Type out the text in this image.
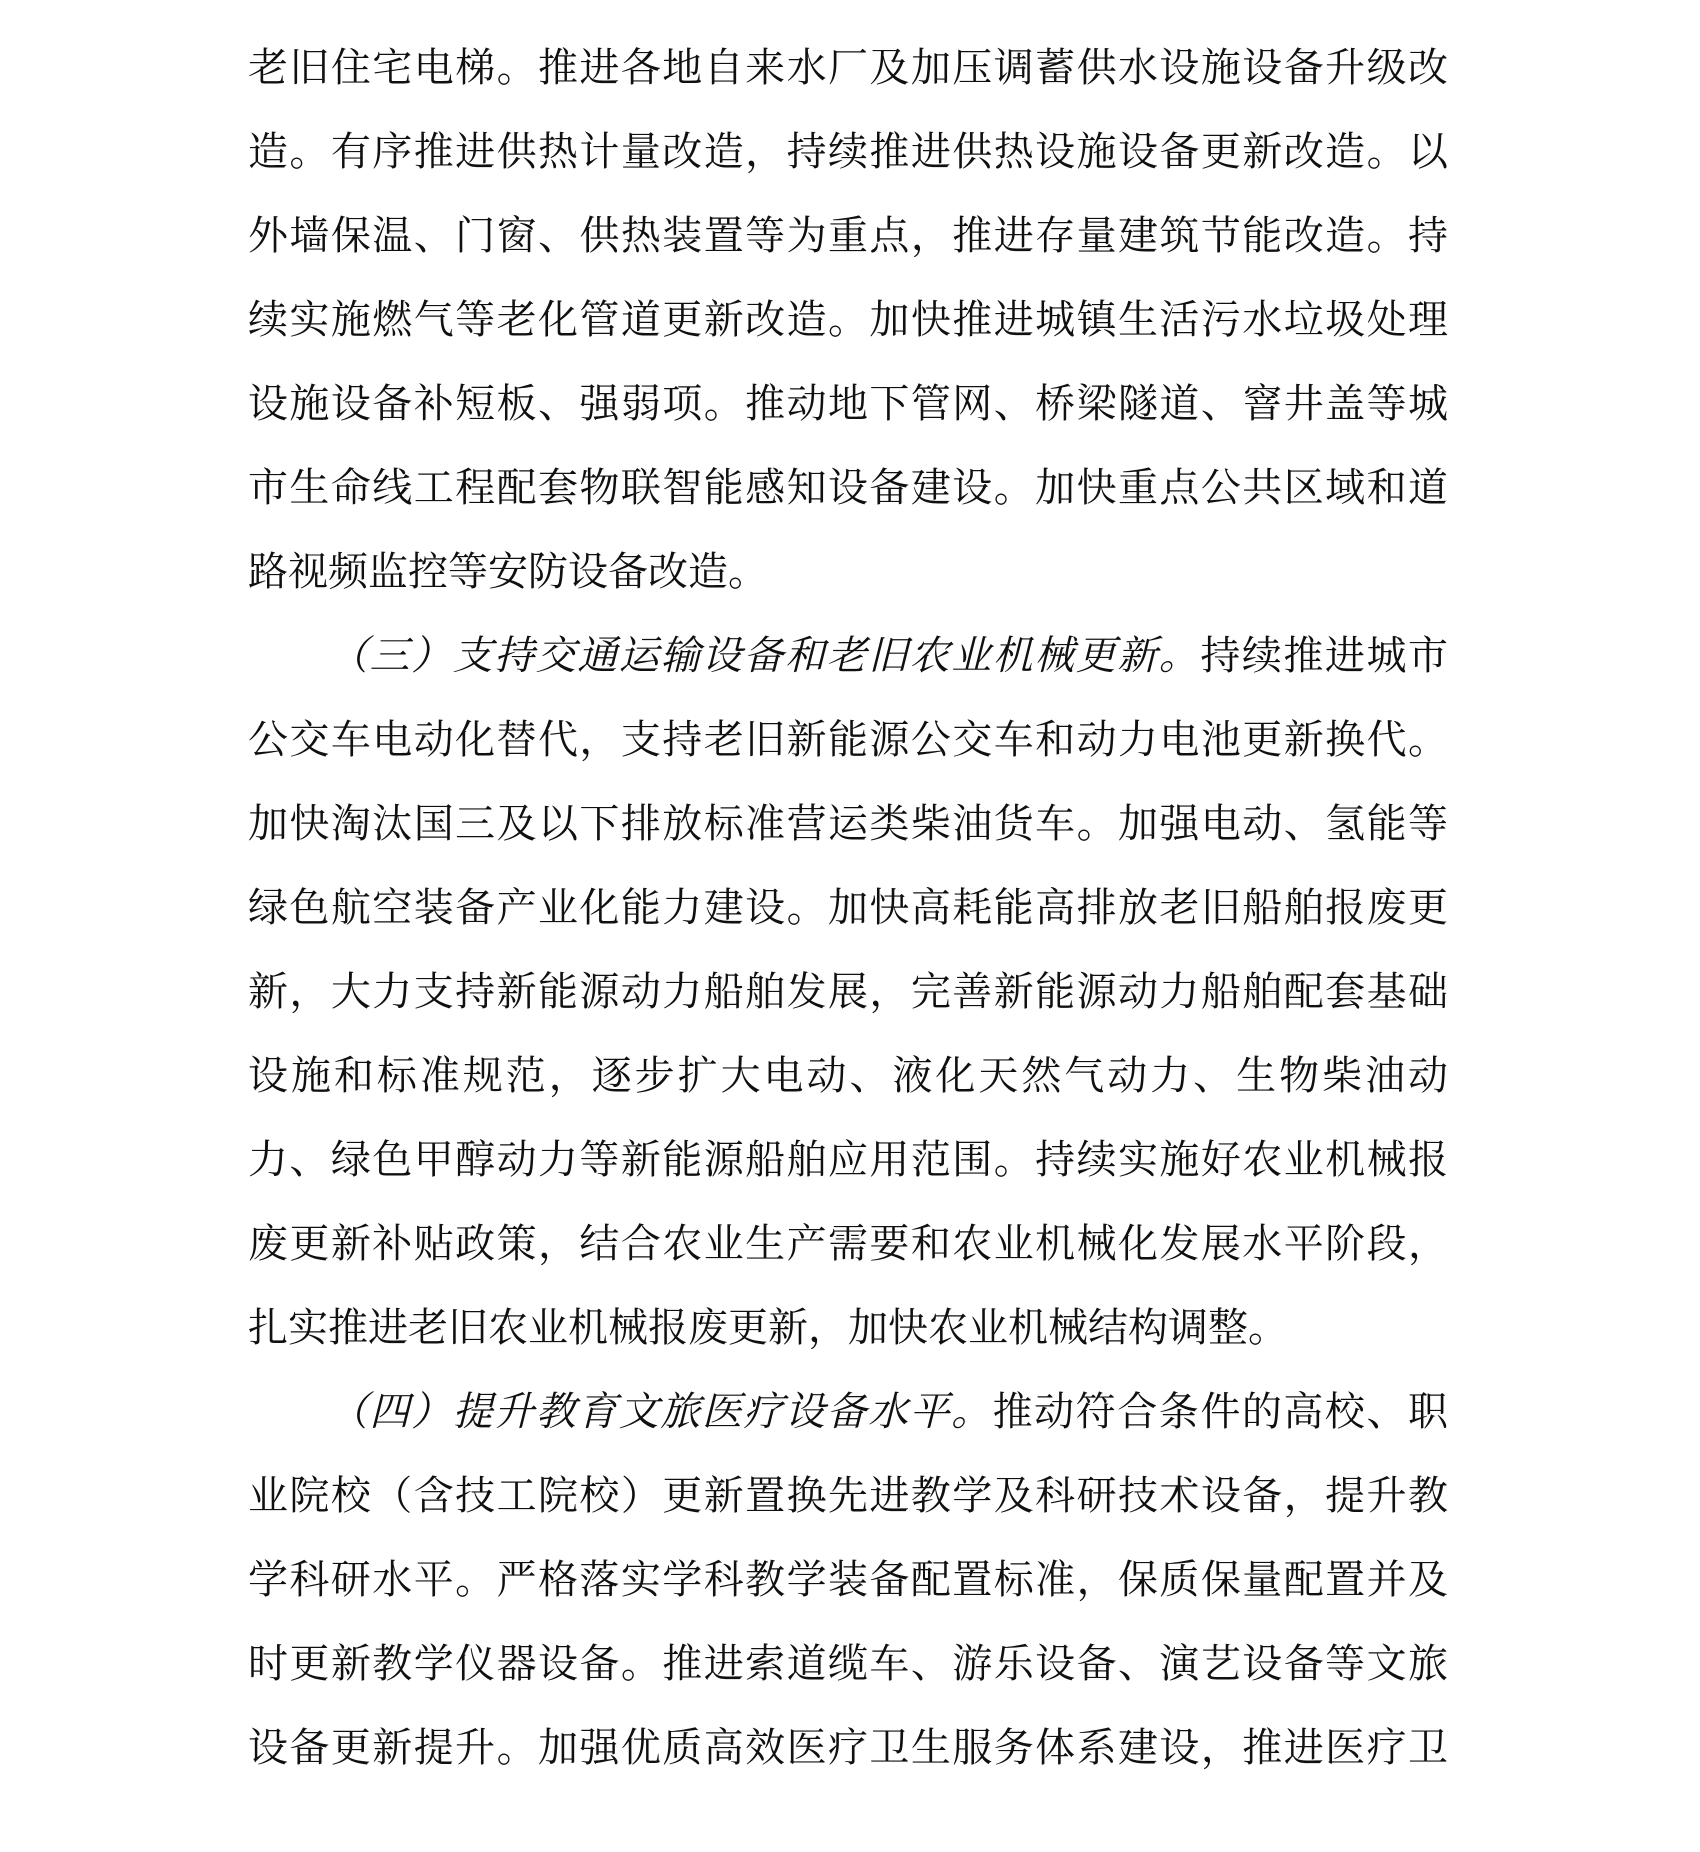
老旧住宅电梯。推进各地自来水厂及加压调蓄供水设施设备升级改
造。有序推进供热计量改造，持续推进供热设施设备更新改造。以
外墙保温、门窗、供热装置等为重点，推进存量建筑节能改造。持
续实施燃气等老化管道更新改造。加快推进城镇生活污水垃圾处理
设施设备补短板、强弱项。推动地下管网、桥梁隧道、窨井盖等城
市生命线工程配套物联智能感知设备建设。加快重点公共区域和道
路视频监控等安防设备改造。
（三）支持交通运输设备和老旧农业机械更新。持续推进城市
公交车电动化替代，支持老旧新能源公交车和动力电池更新换代。
加快淘汰国三及以下排放标准营运类柴油货车。加强电动、氢能等
绿色航空装备产业化能力建设。加快高耗能高排放老旧船舶报废更
新，大力支持新能源动力船舶发展，完善新能源动力船舶配套基础
设施和标准规范，逐步扩大电动、液化天然气动力、生物柴油动
力、绿色甲醇动力等新能源船舶应用范围。持续实施好农业机械报
废更新补贴政策，结合农业生产需要和农业机械化发展水平阶段，
扎实推进老旧农业机械报废更新，加快农业机械结构调整。
（四）提升教育文旅医疗设备水平。推动符合条件的高校、职
业院校（含技工院校）更新置换先进教学及科研技术设备，提升教
学科研水平。严格落实学科教学装备配置标准，保质保量配置并及
时更新教学仪器设备。推进索道缆车、游乐设备、演艺设备等文旅
设备更新提升。加强优质高效医疗卫生服务体系建设，推进医疗卫
